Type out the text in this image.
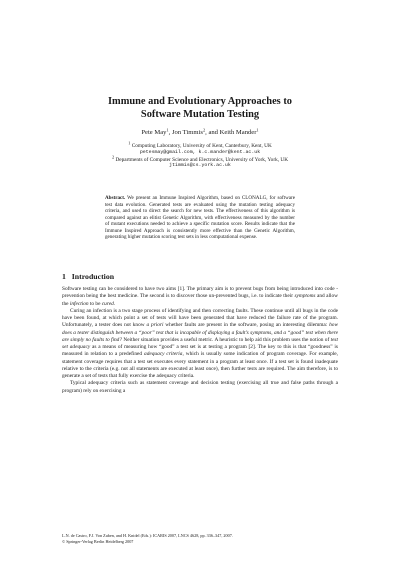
Immune and Evolutionary Approaches to
Software Mutation Testing
Pete May$^1$, Jon Timmis$^2$, and Keith Mander$^1$
$^1$ Computing Laboratory, University of Kent, Canterbury, Kent, UK
petesmay@gmail.com, k.c.mander@kent.ac.uk
$^2$ Departments of Computer Science and Electronics, University of York, York, UK
jtimmis@cs.york.ac.uk
Abstract. We present an Immune Inspired Algorithm, based on CLONALG, for software test data evolution. Generated tests are evaluated using the mutation testing adequacy criteria, and used to direct the search for new tests. The effectiveness of this algorithm is compared against an elitist Genetic Algorithm, with effectiveness measured by the number of mutant executions needed to achieve a specific mutation score. Results indicate that the Immune Inspired Approach is consistently more effective than the Genetic Algorithm, generating higher mutation scoring test sets in less computational expense.
1 Introduction

Software testing can be considered to have two aims [1]. The primary aim is to prevent bugs from being introduced into code - prevention being the best medicine. The second is to discover those un-prevented bugs, i.e. to indicate their symptoms and allow the infection to be cured.

Curing an infection is a two stage process of identifying and then correcting faults. These continue until all bugs in the code have been found, at which point a set of tests will have been generated that have reduced the failure rate of the program. Unfortunately, a tester does not know a priori whether faults are present in the software, posing an interesting dilemma: how does a tester distinguish between a “poor” test that is incapable of displaying a fault’s symptoms, and a “good” test when there are simply no faults to find? Neither situation provides a useful metric. A heuristic to help aid this problem uses the notion of test set adequacy as a means of measuring how “good” a test set is at testing a program [2]. The key to this is that “goodness” is measured in relation to a predefined adequacy criteria, which is usually some indication of program coverage. For example, statement coverage requires that a test set executes every statement in a program at least once. If a test set is found inadequate relative to the criteria (e.g. not all statements are executed at least once), then further tests are required. The aim therefore, is to generate a set of tests that fully exercise the adequacy criteria.

Typical adequacy criteria such as statement coverage and decision testing (exercising all true and false paths through a program) rely on exercising a

L.N. de Castro, F.J. Von Zuben, and H. Knidel (Eds.): ICARIS 2007, LNCS 4628, pp. 336–347, 2007.
© Springer-Verlag Berlin Heidelberg 2007
